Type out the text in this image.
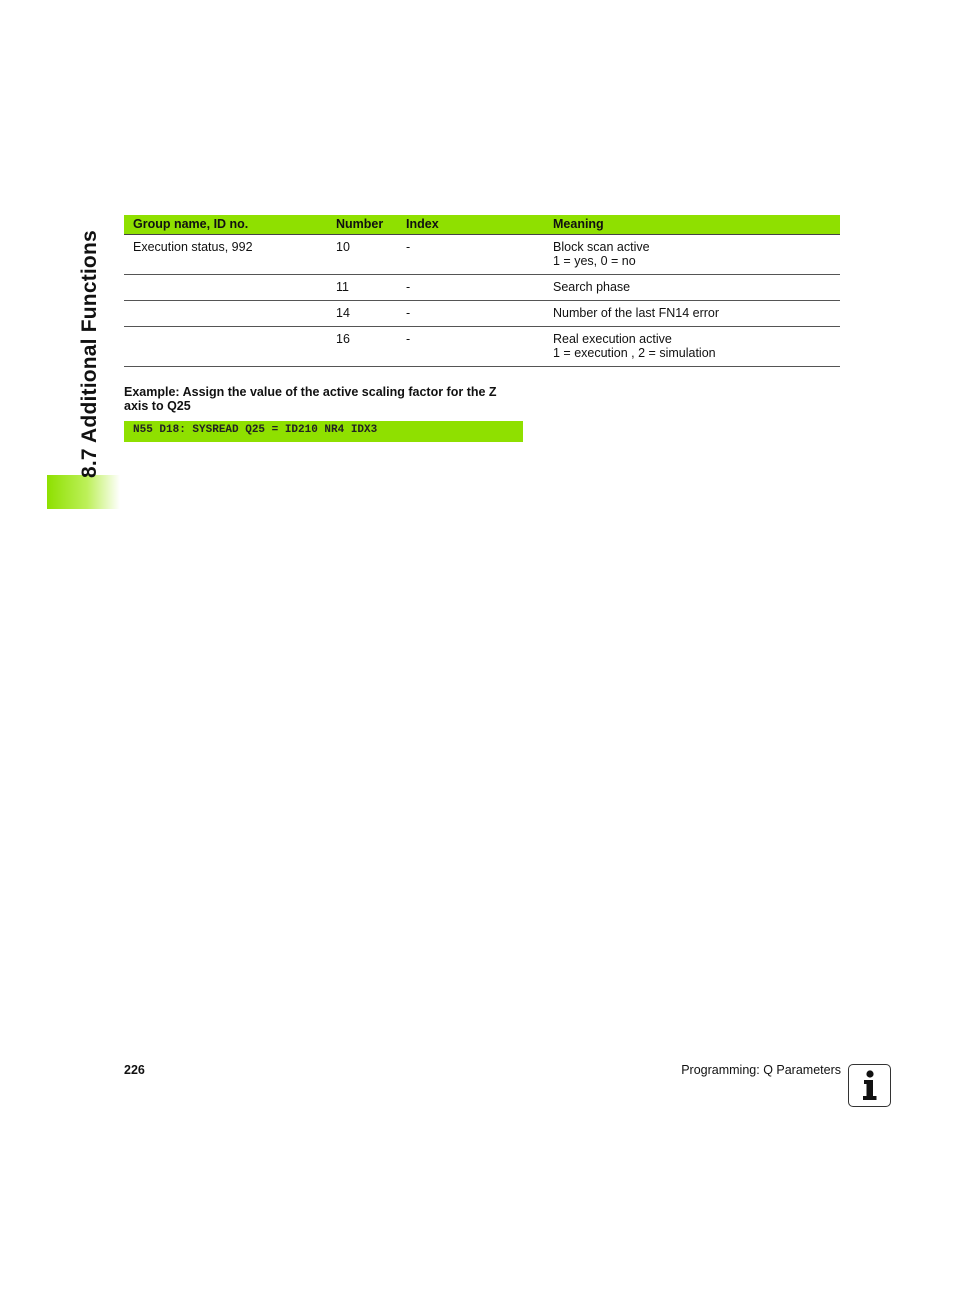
8.7 Additional Functions
Group name, ID no.	Number	Index	Meaning
Execution status, 992	10	-	Block scan active
1 = yes, 0 = no

	11	-	Search phase

	14	-	Number of the last FN14 error

	16	-	Real execution active
1 = execution , 2 = simulation
Example: Assign the value of the active scaling factor for the Z axis to Q25
N55 D18: SYSREAD Q25 = ID210 NR4 IDX3
226	Programming: Q Parameters
